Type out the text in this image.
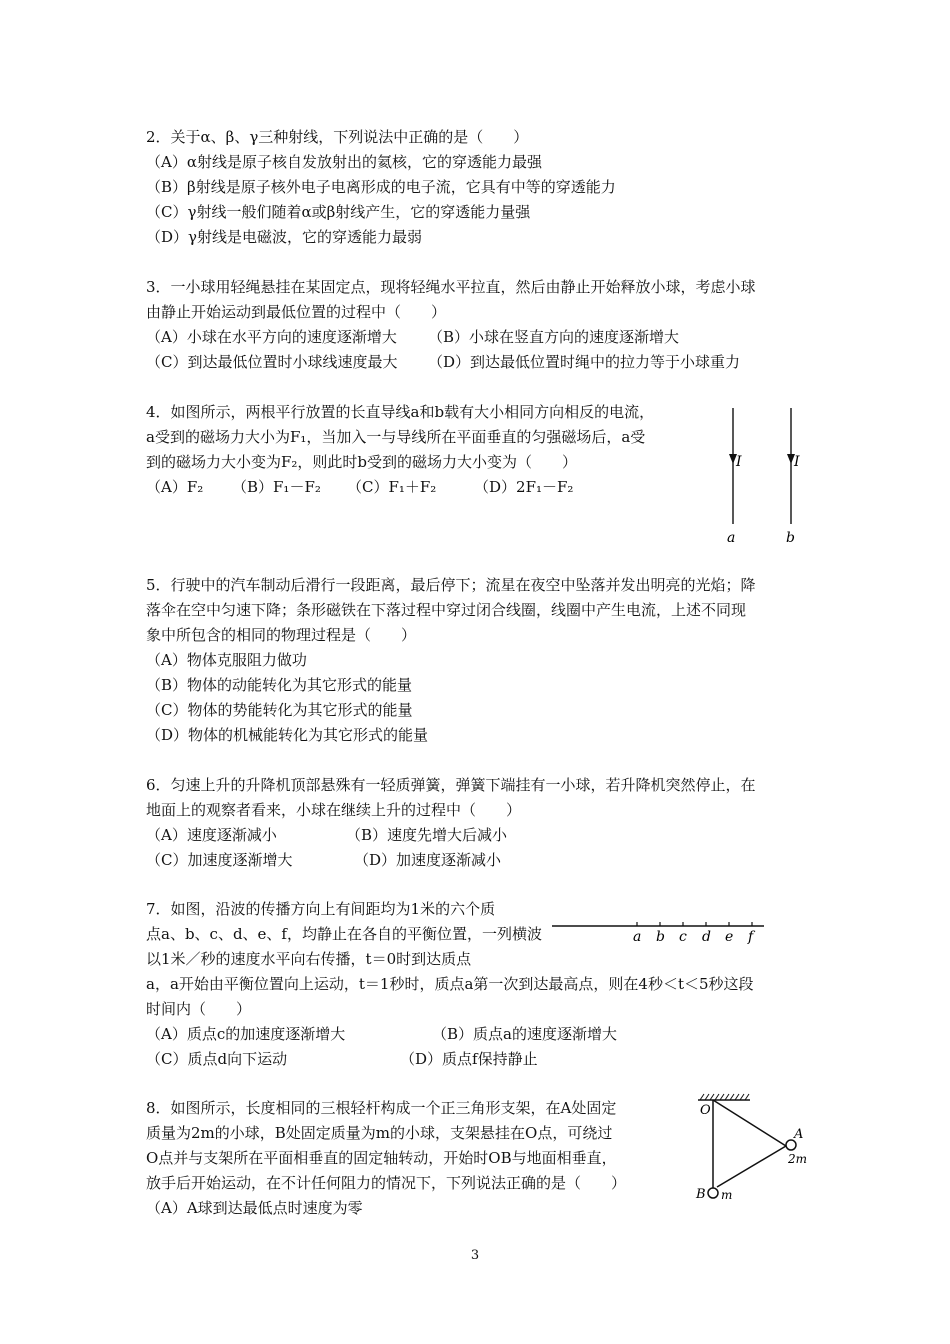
2．关于α、β、γ三种射线，下列说法中正确的是（　　）
（A）α射线是原子核自发放射出的氦核，它的穿透能力最强
（B）β射线是原子核外电子电离形成的电子流，它具有中等的穿透能力
（C）γ射线一般们随着α或β射线产生，它的穿透能力量强
（D）γ射线是电磁波，它的穿透能力最弱
3．一小球用轻绳悬挂在某固定点，现将轻绳水平拉直，然后由静止开始释放小球，考虑小球
由静止开始运动到最低位置的过程中（　　）
（A）小球在水平方向的速度逐渐增大 （B）小球在竖直方向的速度逐渐增大
（C）到达最低位置时小球线速度最大 （D）到达最低位置时绳中的拉力等于小球重力
4．如图所示，两根平行放置的长直导线a和b载有大小相同方向相反的电流，
a受到的磁场力大小为F₁，当加入一与导线所在平面垂直的匀强磁场后，a受
到的磁场力大小变为F₂，则此时b受到的磁场力大小变为（　　）
（A）F₂ （B）F₁－F₂ （C）F₁＋F₂	（D）2F₁－F₂
I	I
a	b
5．行驶中的汽车制动后滑行一段距离，最后停下；流星在夜空中坠落并发出明亮的光焰；降
落伞在空中匀速下降；条形磁铁在下落过程中穿过闭合线圈，线圈中产生电流，上述不同现
象中所包含的相同的物理过程是（　　）
（A）物体克服阻力做功
（B）物体的动能转化为其它形式的能量
（C）物体的势能转化为其它形式的能量
（D）物体的机械能转化为其它形式的能量
6．匀速上升的升降机顶部悬殊有一轻质弹簧，弹簧下端挂有一小球，若升降机突然停止，在
地面上的观察者看来，小球在继续上升的过程中（　　）
（A）速度逐渐减小	（B）速度先增大后减小
（C）加速度逐渐增大	（D）加速度逐渐减小
7．如图，沿波的传播方向上有间距均为1米的六个质
点a、b、c、d、e、f，均静止在各自的平衡位置，一列横波
以1米／秒的速度水平向右传播，t＝0时到达质点
a，a开始由平衡位置向上运动，t＝1秒时，质点a第一次到达最高点，则在4秒＜t＜5秒这段
时间内（　　）
（A）质点c的加速度逐渐增大	（B）质点a的速度逐渐增大
（C）质点d向下运动	（D）质点f保持静止
a b c d e f
8．如图所示，长度相同的三根轻杆构成一个正三角形支架，在A处固定
质量为2m的小球，B处固定质量为m的小球，支架悬挂在O点，可绕过
O点并与支架所在平面相垂直的固定轴转动，开始时OB与地面相垂直，
放手后开始运动，在不计任何阻力的情况下，下列说法正确的是（　　）
（A）A球到达最低点时速度为零
O
A
2m
B m
3
